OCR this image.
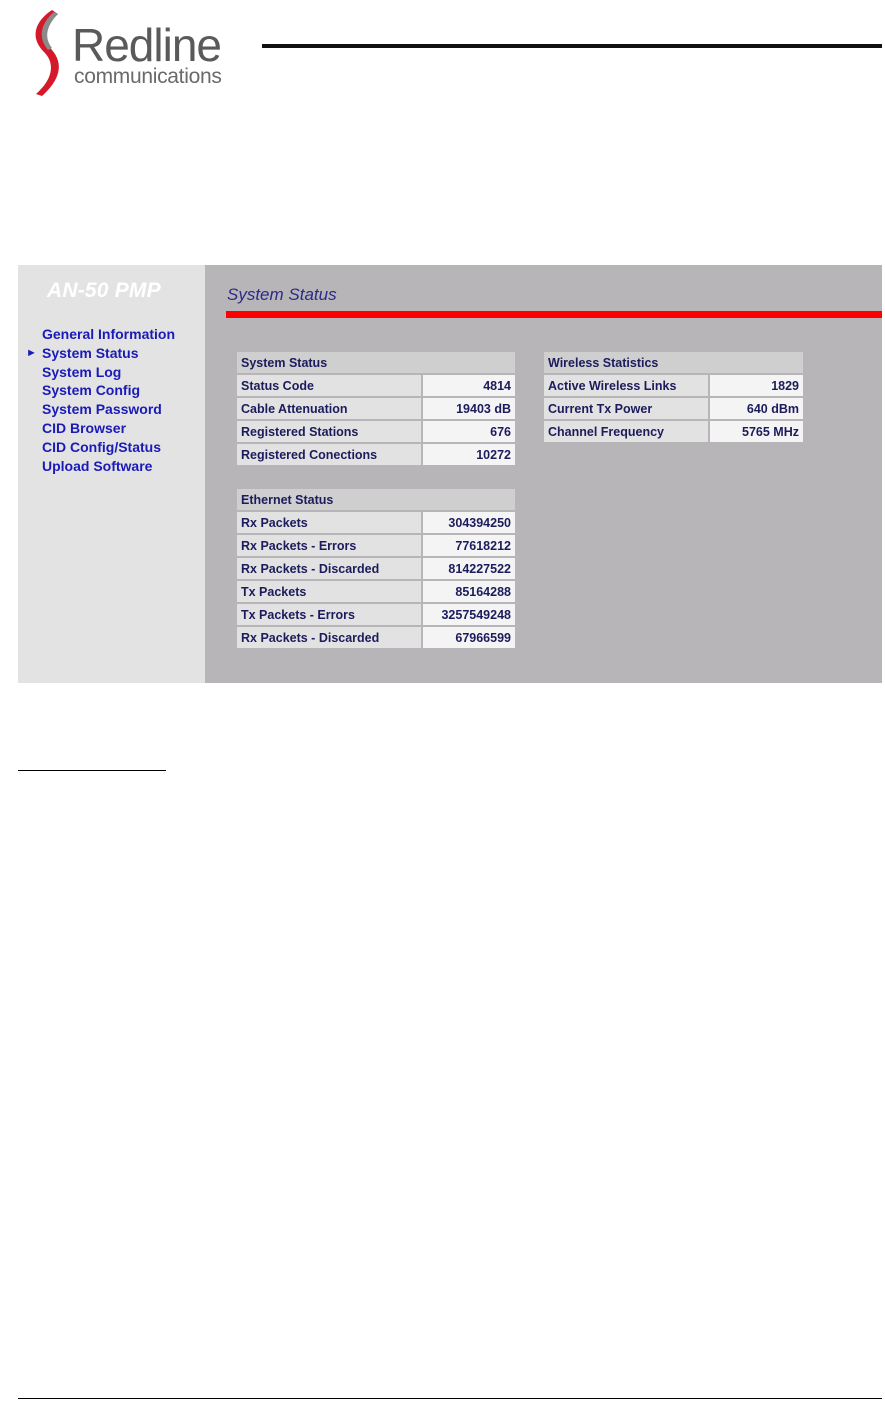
Redline
communications
AN-50 PMP
General Information
► System Status
System Log
System Config
System Password
CID Browser
CID Config/Status
Upload Software
System Status
System Status	
Status Code	4814
Cable Attenuation	19403 dB
Registered Stations	676
Registered Conections	10272
Wireless Statistics	
Active Wireless Links	1829
Current Tx Power	640 dBm
Channel Frequency	5765 MHz
Ethernet Status	
Rx Packets	304394250
Rx Packets - Errors	77618212
Rx Packets - Discarded	814227522
Tx Packets	85164288
Tx Packets - Errors	3257549248
Rx Packets - Discarded	67966599
